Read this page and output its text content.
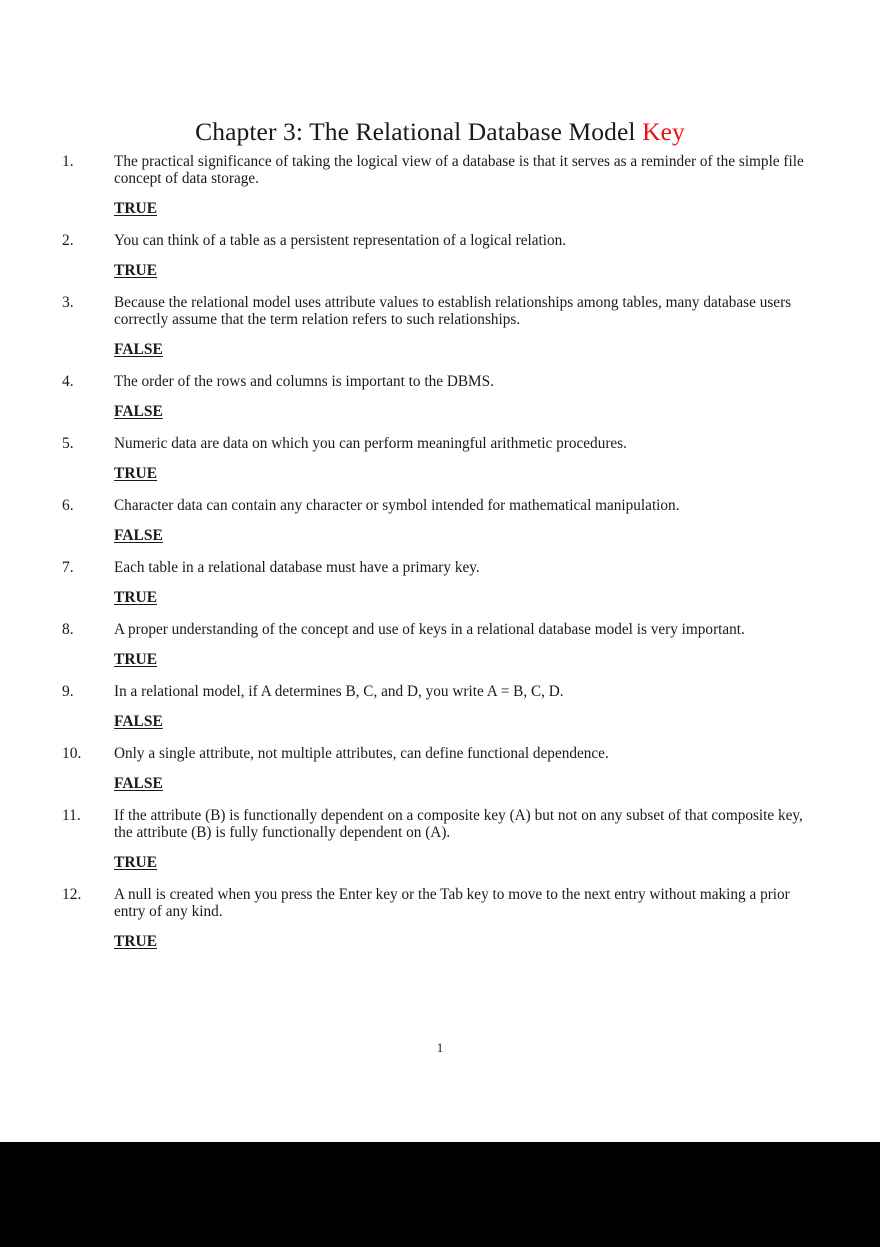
Chapter 3: The Relational Database Model Key
1.	The practical significance of taking the logical view of a database is that it serves as a reminder of the simple file concept of data storage.
TRUE
2.	You can think of a table as a persistent representation of a logical relation.
TRUE
3.	Because the relational model uses attribute values to establish relationships among tables, many database users correctly assume that the term relation refers to such relationships.
FALSE
4.	The order of the rows and columns is important to the DBMS.
FALSE
5.	Numeric data are data on which you can perform meaningful arithmetic procedures.
TRUE
6.	Character data can contain any character or symbol intended for mathematical manipulation.
FALSE
7.	Each table in a relational database must have a primary key.
TRUE
8.	A proper understanding of the concept and use of keys in a relational database model is very important.
TRUE
9.	In a relational model, if A determines B, C, and D, you write A = B, C, D.
FALSE
10.	Only a single attribute, not multiple attributes, can define functional dependence.
FALSE
11.	If the attribute (B) is functionally dependent on a composite key (A) but not on any subset of that composite key, the attribute (B) is fully functionally dependent on (A).
TRUE
12.	A null is created when you press the Enter key or the Tab key to move to the next entry without making a prior entry of any kind.
TRUE
1
